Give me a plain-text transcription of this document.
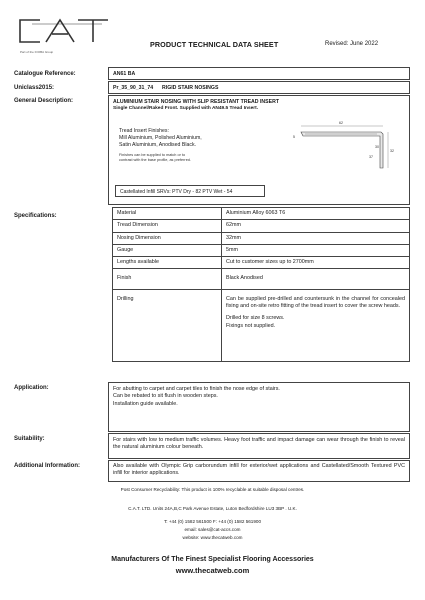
Part of the IOOBA Group
PRODUCT TECHNICAL DATA SHEET	Revised: June 2022
Catalogue Reference:	AN61 BA
Uniclass2015:	Pr_35_90_31_74 RIGID STAIR NOSINGS
General Description:	ALUMINIUM STAIR NOSING WITH SLIP RESISTANT TREAD INSERT
Single Channel/Raked Front. Supplied with AN49.5 Tread Insert.
Tread Insert Finishes:
Mill Aluminium, Polished Aluminium,
Satin Aluminium, Anodised Black.
Finishes can be supplied to match or to
contrast with the base profile, as preferred.
62
32
5
30
37
Castellated Infill SRVs: PTV Dry - 82 PTV Wet - 54
Specifications:	Material	Aluminium Alloy 6063 T6
Tread Dimension	62mm
Nosing Dimension	32mm
Gauge	5mm
Lengths available	Cut to customer sizes up to 2700mm
Finish	Black Anodised
Drilling	Can be supplied pre-drilled and countersunk in the channel for concealed fixing and on-site retro fitting of the tread insert to cover the screw heads.
Drilled for size 8 screws.
Fixings not supplied.
Application:	For abutting to carpet and carpet tiles to finish the nose edge of stairs.
Can be rebated to sit flush in wooden steps.
Installation guide available.
Suitability:	For stairs with low to medium traffic volumes. Heavy foot traffic and impact damage can wear through the finish to reveal the natural aluminium colour beneath.
Additional Information:	Also available with Olympic Grip carborundum infill for exterior/wet applications and Castellated/Smooth Textured PVC infill for interior applications.
Post Consumer Recyclability: This product is 100% recyclable at suitable disposal centres.
C.A.T. LTD. Units 24A,B,C Park Avenue Estate, Luton Bedfordshire LU3 3BP . U.K.
T: +44 (0) 1582 561500 F: +44 (0) 1582 561900
email: sales@cat-accs.com
website: www.thecatweb.com
Manufacturers Of The Finest Specialist Flooring Accessories
www.thecatweb.com
